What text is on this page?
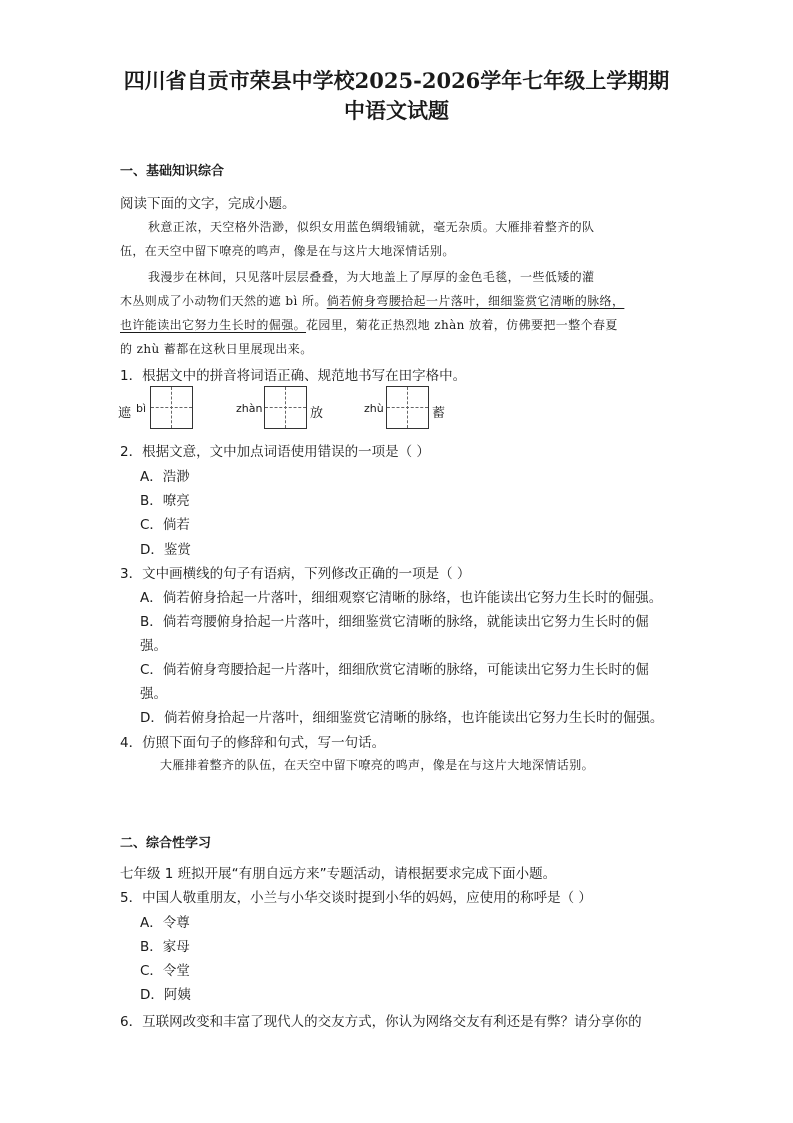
四川省自贡市荣县中学校2025-2026学年七年级上学期期
中语文试题
一、基础知识综合
阅读下面的文字，完成小题。
秋意正浓，天空格外浩渺，似织女用蓝色绸缎铺就，毫无杂质。大雁排着整齐的队
伍，在天空中留下嘹亮的鸣声，像是在与这片大地深情话别。
我漫步在林间，只见落叶层层叠叠，为大地盖上了厚厚的金色毛毯，一些低矮的灌
木丛则成了小动物们天然的遮 bì 所。倘若俯身弯腰拾起一片落叶，细细鉴赏它清晰的脉络，
也许能读出它努力生长时的倔强。花园里，菊花正热烈地 zhàn 放着，仿佛要把一整个春夏
的 zhù 蓄都在这秋日里展现出来。
1．根据文中的拼音将词语正确、规范地书写在田字格中。
遮 bì	zhàn	放	zhù	蓄
2．根据文意，文中加点词语使用错误的一项是（ ）
A．浩渺
B．嘹亮
C．倘若
D．鉴赏
3．文中画横线的句子有语病，下列修改正确的一项是（ ）
A．倘若俯身拾起一片落叶，细细观察它清晰的脉络，也许能读出它努力生长时的倔强。
B．倘若弯腰俯身拾起一片落叶，细细鉴赏它清晰的脉络，就能读出它努力生长时的倔
强。
C．倘若俯身弯腰拾起一片落叶，细细欣赏它清晰的脉络，可能读出它努力生长时的倔
强。
D．倘若俯身拾起一片落叶，细细鉴赏它清晰的脉络，也许能读出它努力生长时的倔强。
4．仿照下面句子的修辞和句式，写一句话。
大雁排着整齐的队伍，在天空中留下嘹亮的鸣声，像是在与这片大地深情话别。
二、综合性学习
七年级 1 班拟开展“有朋自远方来”专题活动，请根据要求完成下面小题。
5．中国人敬重朋友，小兰与小华交谈时提到小华的妈妈，应使用的称呼是（ ）
A．令尊
B．家母
C．令堂
D．阿姨
6．互联网改变和丰富了现代人的交友方式，你认为网络交友有利还是有弊？请分享你的
